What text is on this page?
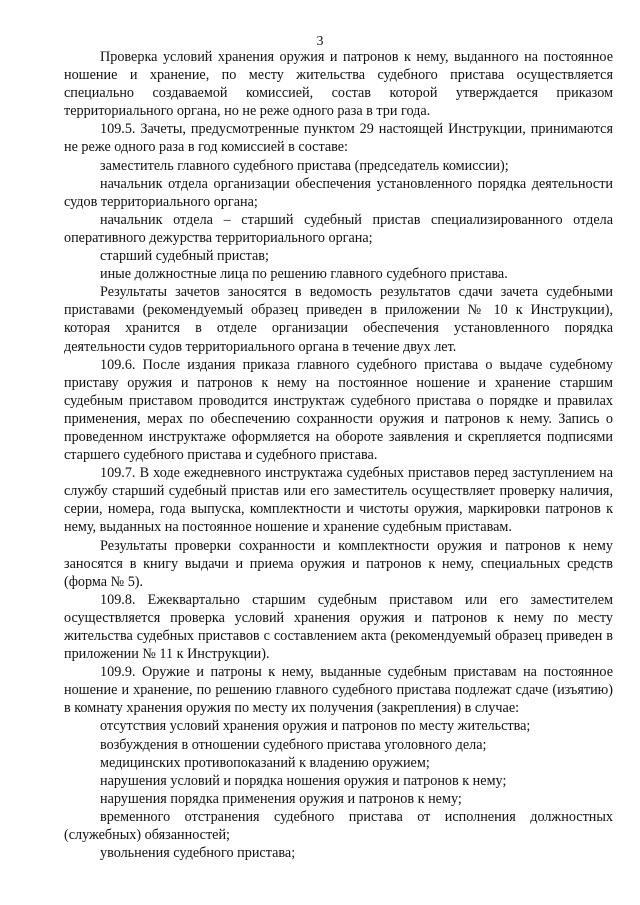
3

Проверка условий хранения оружия и патронов к нему, выданного на постоянное ношение и хранение, по месту жительства судебного пристава осуществляется специально создаваемой комиссией, состав которой утверждается приказом территориального органа, но не реже одного раза в три года.

109.5. Зачеты, предусмотренные пунктом 29 настоящей Инструкции, принимаются не реже одного раза в год комиссией в составе:

заместитель главного судебного пристава (председатель комиссии);

начальник отдела организации обеспечения установленного порядка деятельности судов территориального органа;

начальник отдела – старший судебный пристав специализированного отдела оперативного дежурства территориального органа;

старший судебный пристав;

иные должностные лица по решению главного судебного пристава.

Результаты зачетов заносятся в ведомость результатов сдачи зачета судебными приставами (рекомендуемый образец приведен в приложении № 10 к Инструкции), которая хранится в отделе организации обеспечения установленного порядка деятельности судов территориального органа в течение двух лет.

109.6. После издания приказа главного судебного пристава о выдаче судебному приставу оружия и патронов к нему на постоянное ношение и хранение старшим судебным приставом проводится инструктаж судебного пристава о порядке и правилах применения, мерах по обеспечению сохранности оружия и патронов к нему. Запись о проведенном инструктаже оформляется на обороте заявления и скрепляется подписями старшего судебного пристава и судебного пристава.

109.7. В ходе ежедневного инструктажа судебных приставов перед заступлением на службу старший судебный пристав или его заместитель осуществляет проверку наличия, серии, номера, года выпуска, комплектности и чистоты оружия, маркировки патронов к нему, выданных на постоянное ношение и хранение судебным приставам.

Результаты проверки сохранности и комплектности оружия и патронов к нему заносятся в книгу выдачи и приема оружия и патронов к нему, специальных средств (форма № 5).

109.8. Ежеквартально старшим судебным приставом или его заместителем осуществляется проверка условий хранения оружия и патронов к нему по месту жительства судебных приставов с составлением акта (рекомендуемый образец приведен в приложении № 11 к Инструкции).

109.9. Оружие и патроны к нему, выданные судебным приставам на постоянное ношение и хранение, по решению главного судебного пристава подлежат сдаче (изъятию) в комнату хранения оружия по месту их получения (закрепления) в случае:

отсутствия условий хранения оружия и патронов по месту жительства;

возбуждения в отношении судебного пристава уголовного дела;

медицинских противопоказаний к владению оружием;

нарушения условий и порядка ношения оружия и патронов к нему;

нарушения порядка применения оружия и патронов к нему;

временного отстранения судебного пристава от исполнения должностных (служебных) обязанностей;

увольнения судебного пристава;
